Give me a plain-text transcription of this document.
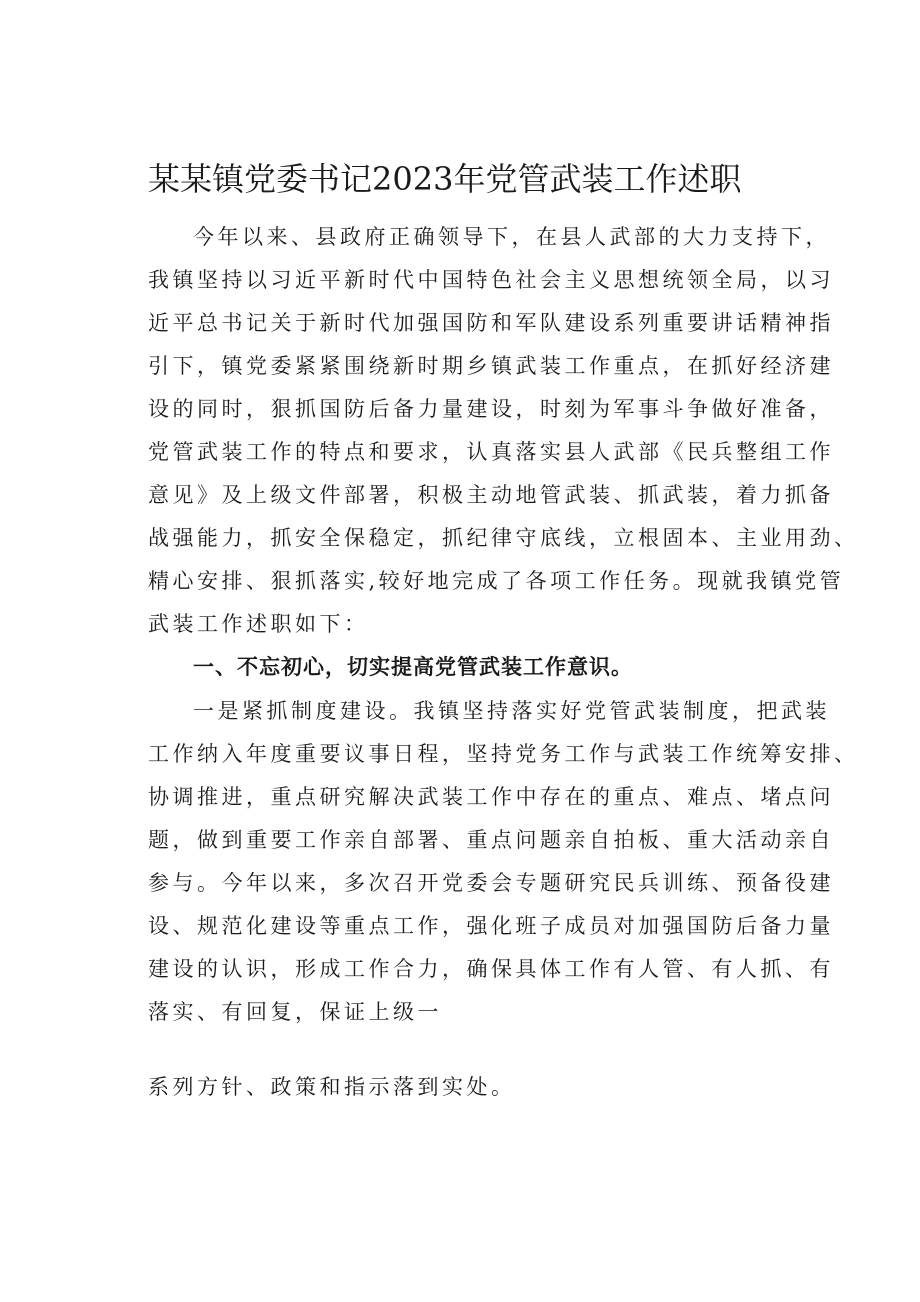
某某镇党委书记2023年党管武装工作述职
今年以来、县政府正确领导下，在县人武部的大力支持下，
我镇坚持以习近平新时代中国特色社会主义思想统领全局，以习
近平总书记关于新时代加强国防和军队建设系列重要讲话精神指
引下，镇党委紧紧围绕新时期乡镇武装工作重点，在抓好经济建
设的同时，狠抓国防后备力量建设，时刻为军事斗争做好准备，
党管武装工作的特点和要求，认真落实县人武部《民兵整组工作
意见》及上级文件部署，积极主动地管武装、抓武装，着力抓备
战强能力，抓安全保稳定，抓纪律守底线，立根固本、主业用劲、
精心安排、狠抓落实,较好地完成了各项工作任务。现就我镇党管
武装工作述职如下：
一、不忘初心，切实提高党管武装工作意识。
一是紧抓制度建设。我镇坚持落实好党管武装制度，把武装
工作纳入年度重要议事日程，坚持党务工作与武装工作统筹安排、
协调推进，重点研究解决武装工作中存在的重点、难点、堵点问
题，做到重要工作亲自部署、重点问题亲自拍板、重大活动亲自
参与。今年以来，多次召开党委会专题研究民兵训练、预备役建
设、规范化建设等重点工作，强化班子成员对加强国防后备力量
建设的认识，形成工作合力，确保具体工作有人管、有人抓、有
落实、有回复，保证上级一
系列方针、政策和指示落到实处。
